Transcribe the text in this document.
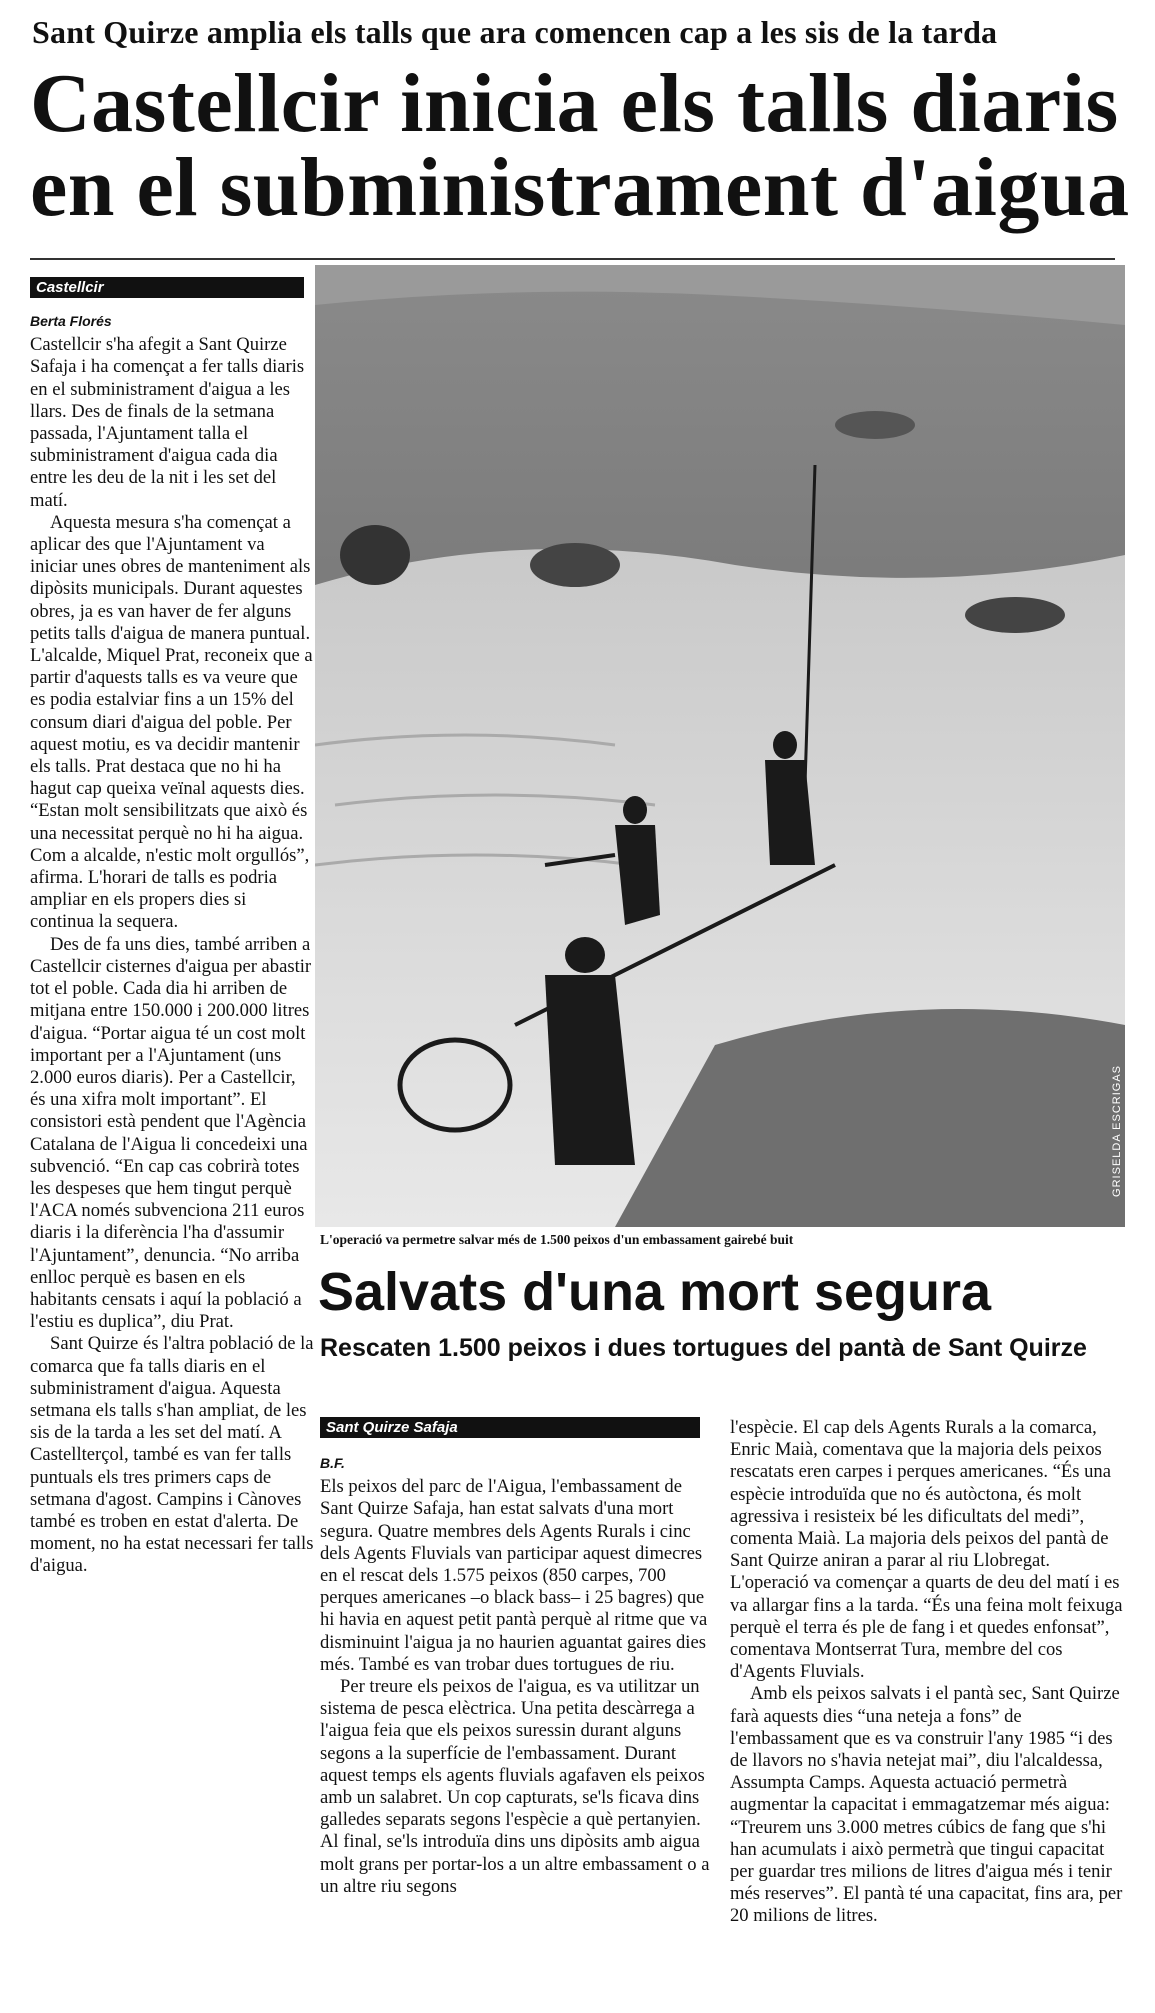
Sant Quirze amplia els talls que ara comencen cap a les sis de la tarda
Castellcir inicia els talls diaris
en el subministrament d'aigua
Castellcir
Berta Florés

Castellcir s'ha afegit a Sant Quirze Safaja i ha començat a fer talls diaris en el subministrament d'aigua a les llars. Des de finals de la setmana passada, l'Ajuntament talla el subministrament d'aigua cada dia entre les deu de la nit i les set del matí.

Aquesta mesura s'ha començat a aplicar des que l'Ajuntament va iniciar unes obres de manteniment als dipòsits municipals. Durant aquestes obres, ja es van haver de fer alguns petits talls d'aigua de manera puntual. L'alcalde, Miquel Prat, reconeix que a partir d'aquests talls es va veure que es podia estalviar fins a un 15% del consum diari d'aigua del poble. Per aquest motiu, es va decidir mantenir els talls. Prat destaca que no hi ha hagut cap queixa veïnal aquests dies. “Estan molt sensibilitzats que això és una necessitat perquè no hi ha aigua. Com a alcalde, n'estic molt orgullós”, afirma. L'horari de talls es podria ampliar en els propers dies si continua la sequera.

Des de fa uns dies, també arriben a Castellcir cisternes d'aigua per abastir tot el poble. Cada dia hi arriben de mitjana entre 150.000 i 200.000 litres d'aigua. “Portar aigua té un cost molt important per a l'Ajuntament (uns 2.000 euros diaris). Per a Castellcir, és una xifra molt important”. El consistori està pendent que l'Agència Catalana de l'Aigua li concedeixi una subvenció. “En cap cas cobrirà totes les despeses que hem tingut perquè l'ACA només subvenciona 211 euros diaris i la diferència l'ha d'assumir l'Ajuntament”, denuncia. “No arriba enlloc perquè es basen en els habitants censats i aquí la població a l'estiu es duplica”, diu Prat.

Sant Quirze és l'altra població de la comarca que fa talls diaris en el subministrament d'aigua. Aquesta setmana els talls s'han ampliat, de les sis de la tarda a les set del matí. A Castellterçol, també es van fer talls puntuals els tres primers caps de setmana d'agost. Campins i Cànoves també es troben en estat d'alerta. De moment, no ha estat necessari fer talls d'aigua.

GRISELDA ESCRIGAS
L'operació va permetre salvar més de 1.500 peixos d'un embassament gairebé buit
Salvats d'una mort segura
Rescaten 1.500 peixos i dues tortugues del pantà de Sant Quirze
Sant Quirze Safaja
B.F.

Els peixos del parc de l'Aigua, l'embassament de Sant Quirze Safaja, han estat salvats d'una mort segura. Quatre membres dels Agents Rurals i cinc dels Agents Fluvials van participar aquest dimecres en el rescat dels 1.575 peixos (850 carpes, 700 perques americanes –o black bass– i 25 bagres) que hi havia en aquest petit pantà perquè al ritme que va disminuint l'aigua ja no haurien aguantat gaires dies més. També es van trobar dues tortugues de riu.

Per treure els peixos de l'aigua, es va utilitzar un sistema de pesca elèctrica. Una petita descàrrega a l'aigua feia que els peixos suressin durant alguns segons a la superfície de l'embassament. Durant aquest temps els agents fluvials agafaven els peixos amb un salabret. Un cop capturats, se'ls ficava dins galledes separats segons l'espècie a què pertanyien. Al final, se'ls introduïa dins uns dipòsits amb aigua molt grans per portar-los a un altre embassament o a un altre riu segons

l'espècie. El cap dels Agents Rurals a la comarca, Enric Maià, comentava que la majoria dels peixos rescatats eren carpes i perques americanes. “És una espècie introduïda que no és autòctona, és molt agressiva i resisteix bé les dificultats del medi”, comenta Maià. La majoria dels peixos del pantà de Sant Quirze aniran a parar al riu Llobregat. L'operació va començar a quarts de deu del matí i es va allargar fins a la tarda. “És una feina molt feixuga perquè el terra és ple de fang i et quedes enfonsat”, comentava Montserrat Tura, membre del cos d'Agents Fluvials.

Amb els peixos salvats i el pantà sec, Sant Quirze farà aquests dies “una neteja a fons” de l'embassament que es va construir l'any 1985 “i des de llavors no s'havia netejat mai”, diu l'alcaldessa, Assumpta Camps. Aquesta actuació permetrà augmentar la capacitat i emmagatzemar més aigua: “Treurem uns 3.000 metres cúbics de fang que s'hi han acumulats i això permetrà que tingui capacitat per guardar tres milions de litres d'aigua més i tenir més reserves”. El pantà té una capacitat, fins ara, per 20 milions de litres.
